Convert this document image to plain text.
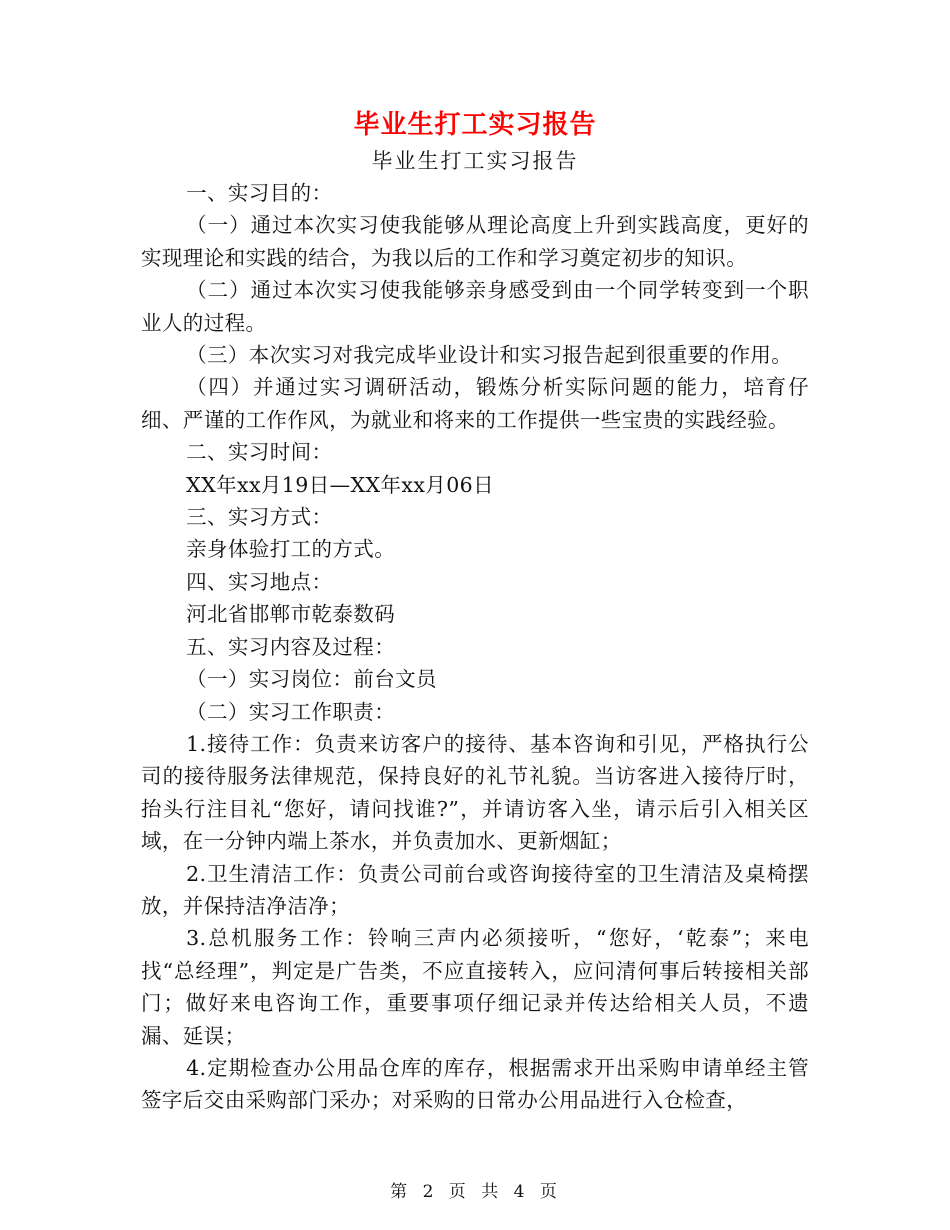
毕业生打工实习报告
毕业生打工实习报告

一、实习目的：

（一）通过本次实习使我能够从理论高度上升到实践高度，更好的实现理论和实践的结合，为我以后的工作和学习奠定初步的知识。

（二）通过本次实习使我能够亲身感受到由一个同学转变到一个职业人的过程。

（三）本次实习对我完成毕业设计和实习报告起到很重要的作用。

（四）并通过实习调研活动，锻炼分析实际问题的能力，培育仔细、严谨的工作作风，为就业和将来的工作提供一些宝贵的实践经验。

二、实习时间：

XX年xx月19日—XX年xx月06日

三、实习方式：

亲身体验打工的方式。

四、实习地点：

河北省邯郸市乾泰数码

五、实习内容及过程：

（一）实习岗位：前台文员

（二）实习工作职责：

1.接待工作：负责来访客户的接待、基本咨询和引见，严格执行公司的接待服务法律规范，保持良好的礼节礼貌。当访客进入接待厅时，抬头行注目礼“您好，请问找谁?”，并请访客入坐，请示后引入相关区域，在一分钟内端上茶水，并负责加水、更新烟缸；

2.卫生清洁工作：负责公司前台或咨询接待室的卫生清洁及桌椅摆放，并保持洁净洁净；

3.总机服务工作：铃响三声内必须接听，“您好，‘乾泰”；来电找“总经理”，判定是广告类，不应直接转入，应问清何事后转接相关部门；做好来电咨询工作，重要事项仔细记录并传达给相关人员，不遗漏、延误；

4.定期检查办公用品仓库的库存，根据需求开出采购申请单经主管签字后交由采购部门采办；对采购的日常办公用品进行入仓检查，

第 2 页 共 4 页
